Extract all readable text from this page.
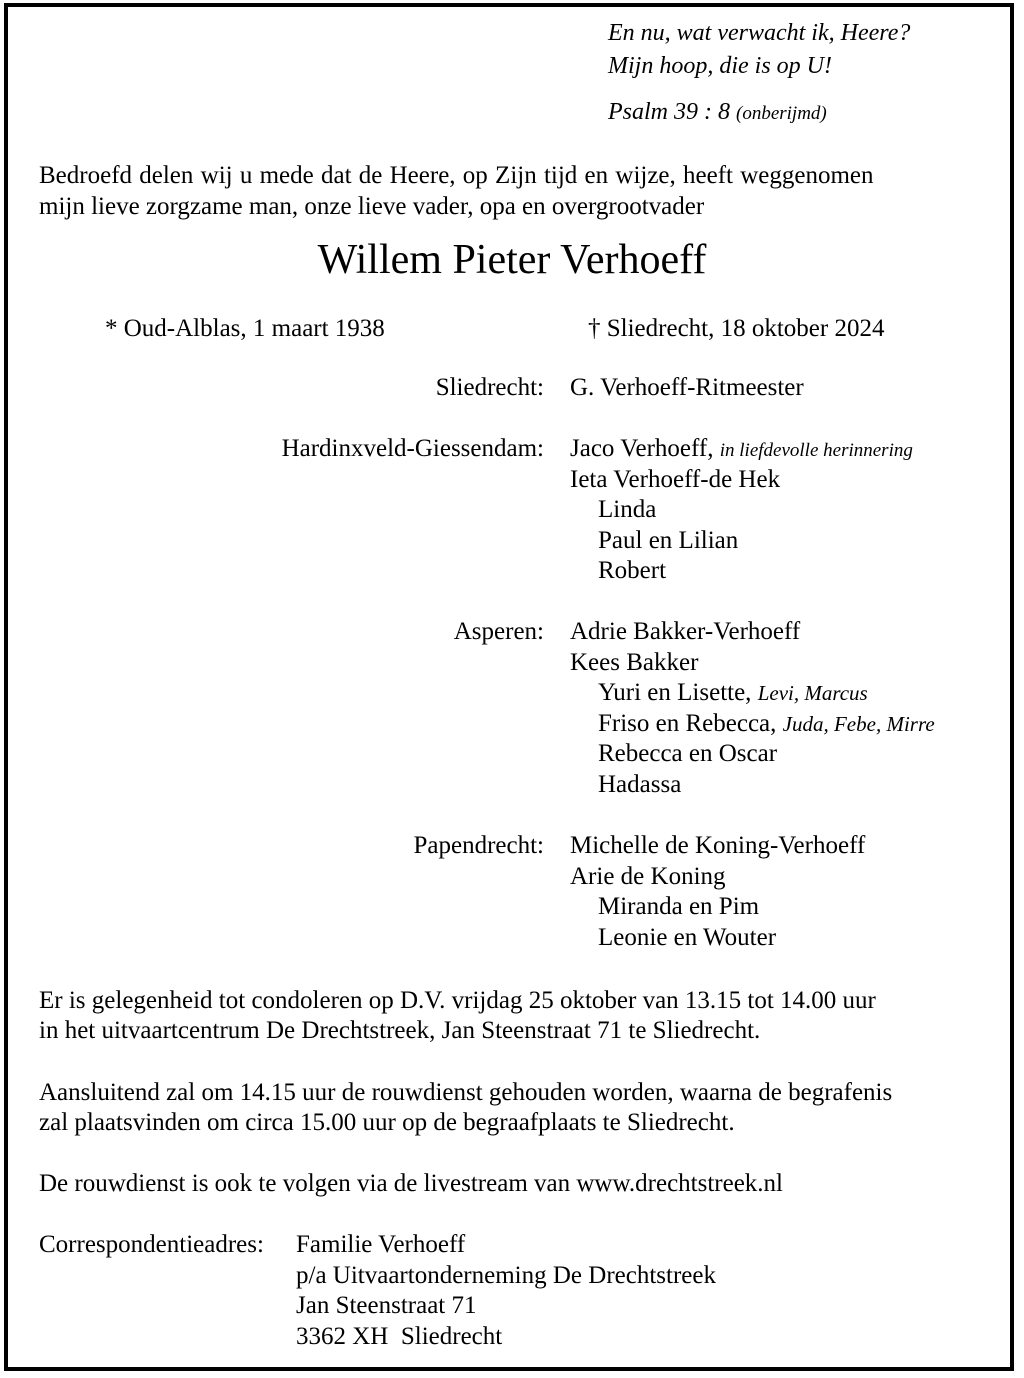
En nu, wat verwacht ik, Heere?
Mijn hoop, die is op U!
Psalm 39 : 8 (onberijmd)
Bedroefd delen wij u mede dat de Heere, op Zijn tijd en wijze, heeft weggenomen
mijn lieve zorgzame man, onze lieve vader, opa en overgrootvader
Willem Pieter Verhoeff
* Oud-Alblas, 1 maart 1938	† Sliedrecht, 18 oktober 2024
Sliedrecht: G. Verhoeff-Ritmeester
Hardinxveld-Giessendam: Jaco Verhoeff, in liefdevolle herinnering
Ieta Verhoeff-de Hek
Linda
Paul en Lilian
Robert
Asperen: Adrie Bakker-Verhoeff
Kees Bakker
Yuri en Lisette, Levi, Marcus
Friso en Rebecca, Juda, Febe, Mirre
Rebecca en Oscar
Hadassa
Papendrecht: Michelle de Koning-Verhoeff
Arie de Koning
Miranda en Pim
Leonie en Wouter
Er is gelegenheid tot condoleren op D.V. vrijdag 25 oktober van 13.15 tot 14.00 uur
in het uitvaartcentrum De Drechtstreek, Jan Steenstraat 71 te Sliedrecht.
Aansluitend zal om 14.15 uur de rouwdienst gehouden worden, waarna de begrafenis
zal plaatsvinden om circa 15.00 uur op de begraafplaats te Sliedrecht.
De rouwdienst is ook te volgen via de livestream van www.drechtstreek.nl
Correspondentieadres: Familie Verhoeff
p/a Uitvaartonderneming De Drechtstreek
Jan Steenstraat 71
3362 XH  Sliedrecht
